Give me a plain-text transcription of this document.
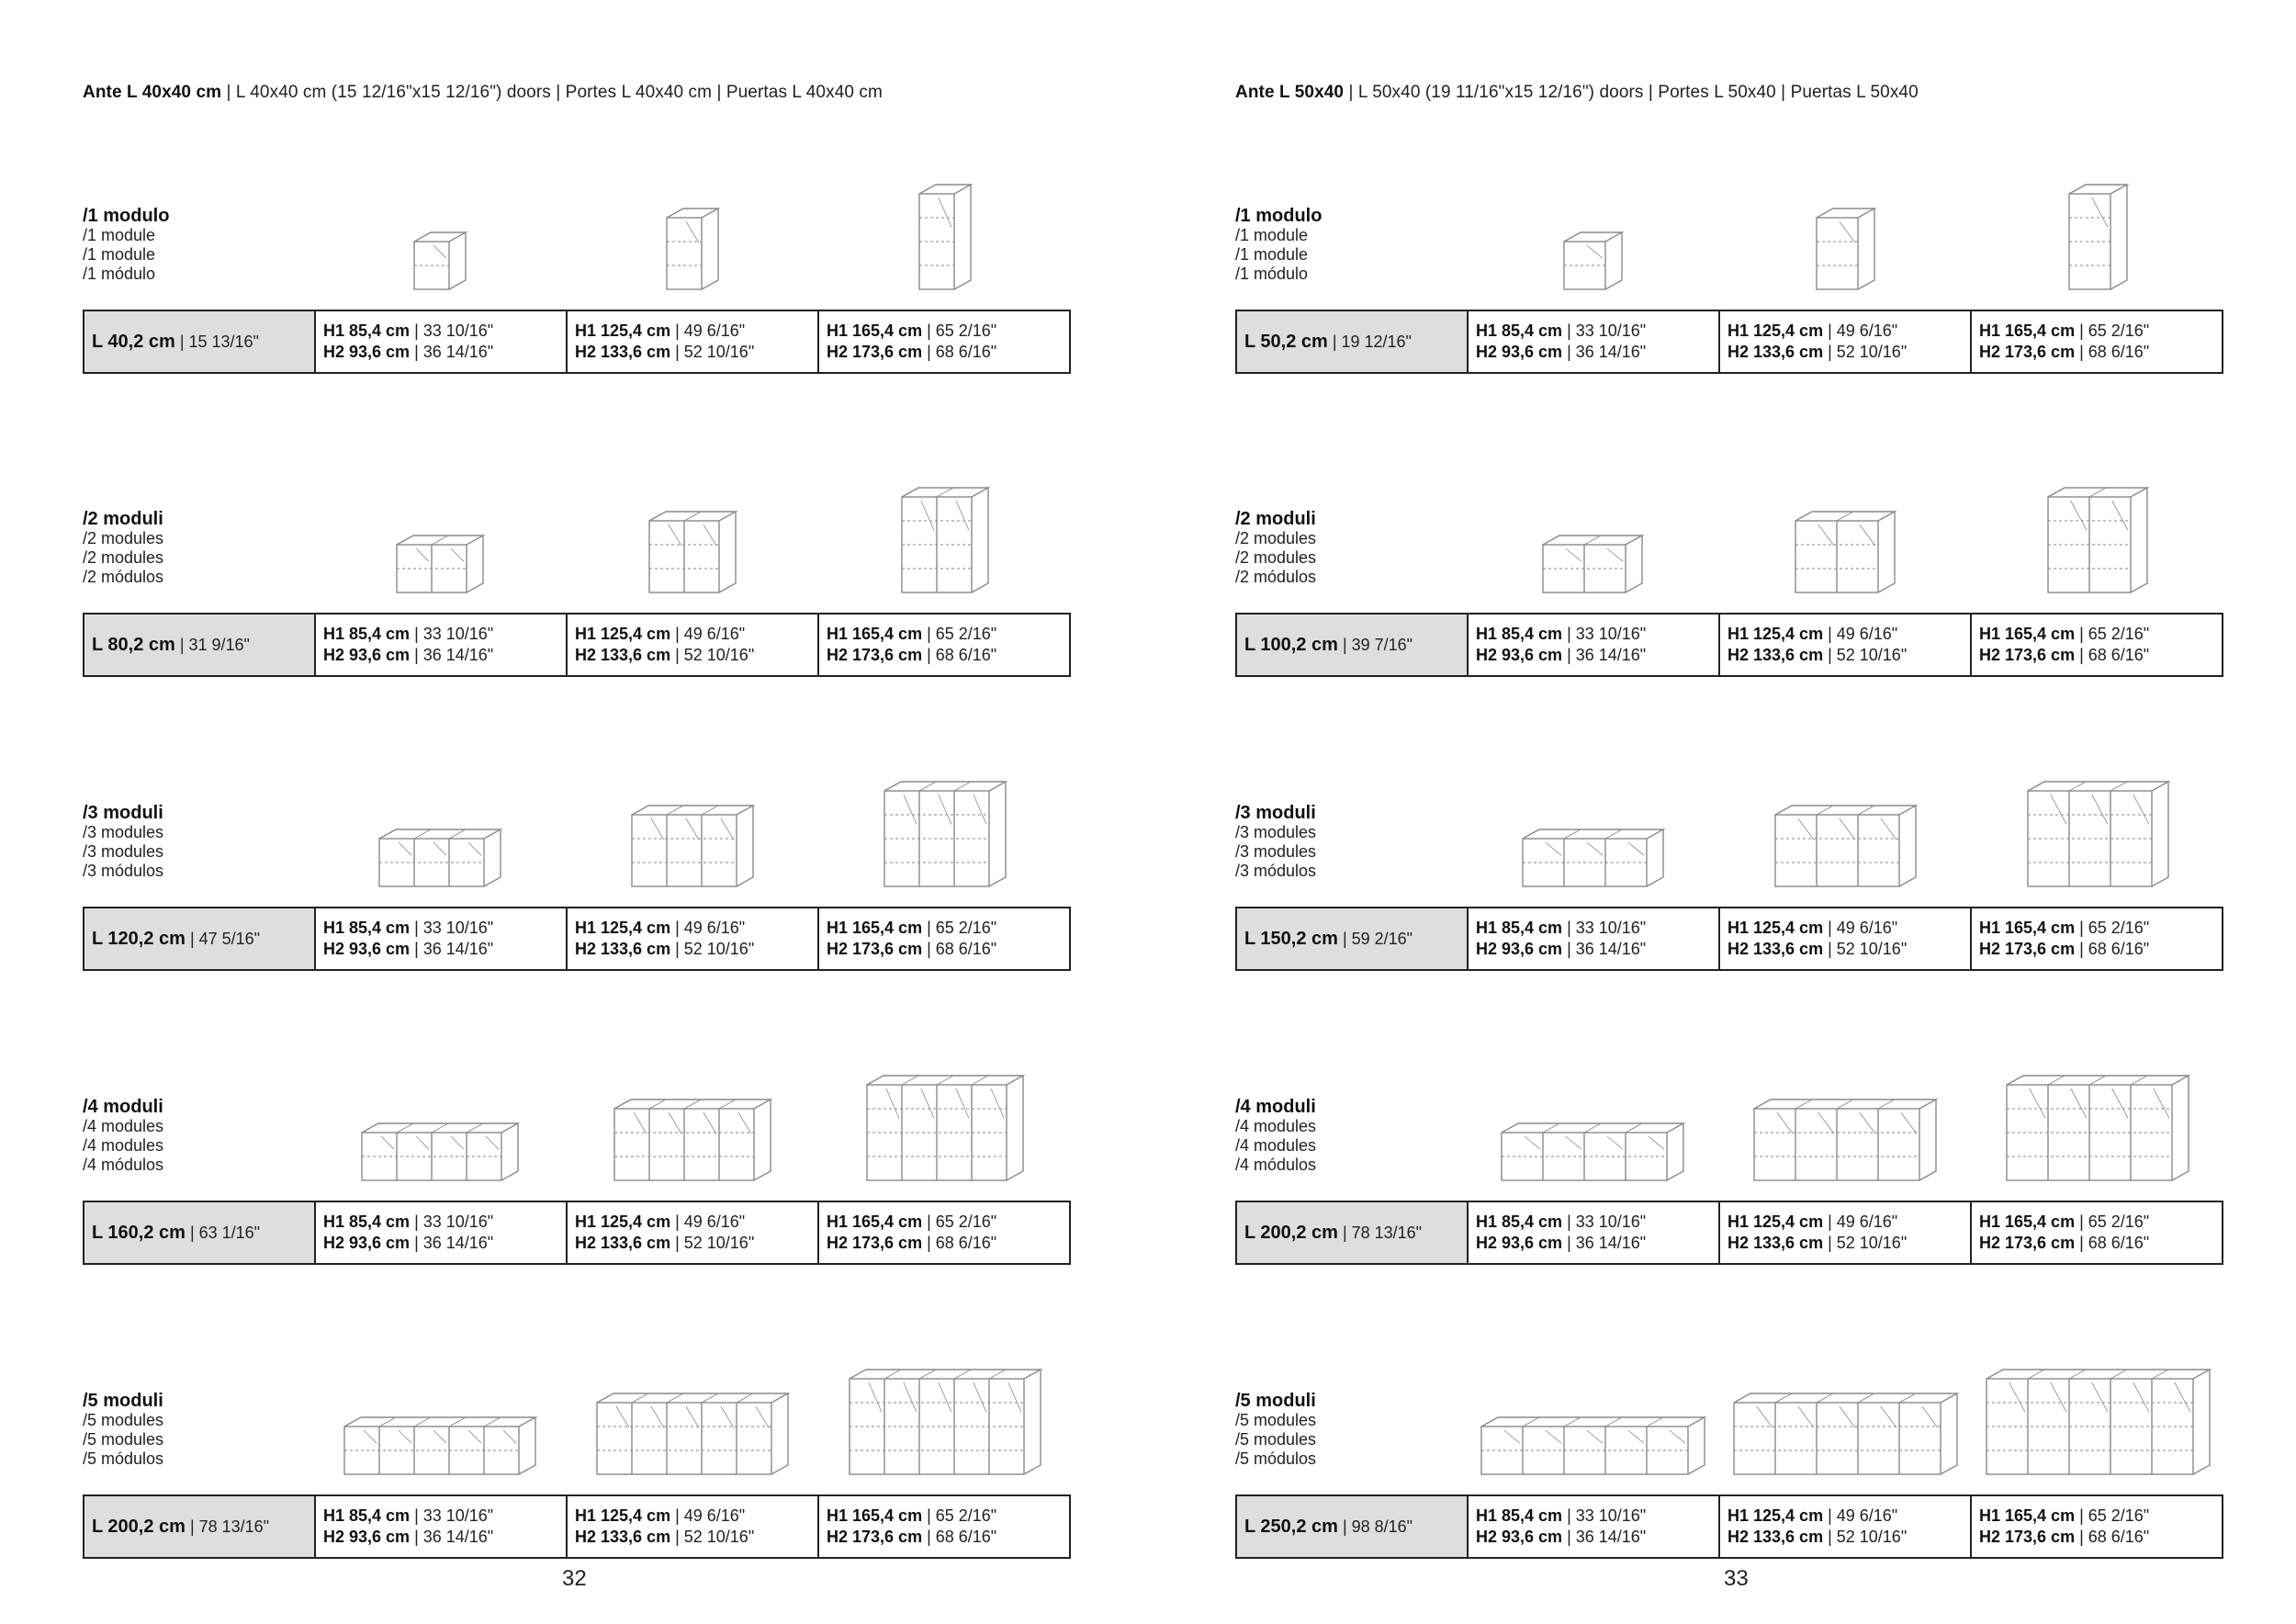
Ante L 40x40 cm | L 40x40 cm (15 12/16"x15 12/16") doors | Portes L 40x40 cm | Puertas L 40x40 cm
/1 modulo
/1 module
/1 module
/1 módulo
L 40,2 cm | 15 13/16"	
H1 85,4 cm | 33 10/16"
H2 93,6 cm | 36 14/16"

H1 125,4 cm | 49 6/16"
H2 133,6 cm | 52 10/16"

H1 165,4 cm | 65 2/16"
H2 173,6 cm | 68 6/16"
/2 moduli
/2 modules
/2 modules
/2 módulos
L 80,2 cm | 31 9/16"	
H1 85,4 cm | 33 10/16"
H2 93,6 cm | 36 14/16"

H1 125,4 cm | 49 6/16"
H2 133,6 cm | 52 10/16"

H1 165,4 cm | 65 2/16"
H2 173,6 cm | 68 6/16"
/3 moduli
/3 modules
/3 modules
/3 módulos
L 120,2 cm | 47 5/16"	
H1 85,4 cm | 33 10/16"
H2 93,6 cm | 36 14/16"

H1 125,4 cm | 49 6/16"
H2 133,6 cm | 52 10/16"

H1 165,4 cm | 65 2/16"
H2 173,6 cm | 68 6/16"
/4 moduli
/4 modules
/4 modules
/4 módulos
L 160,2 cm | 63 1/16"	
H1 85,4 cm | 33 10/16"
H2 93,6 cm | 36 14/16"

H1 125,4 cm | 49 6/16"
H2 133,6 cm | 52 10/16"

H1 165,4 cm | 65 2/16"
H2 173,6 cm | 68 6/16"
/5 moduli
/5 modules
/5 modules
/5 módulos
L 200,2 cm | 78 13/16"	
H1 85,4 cm | 33 10/16"
H2 93,6 cm | 36 14/16"

H1 125,4 cm | 49 6/16"
H2 133,6 cm | 52 10/16"

H1 165,4 cm | 65 2/16"
H2 173,6 cm | 68 6/16"
32
Ante L 50x40 | L 50x40 (19 11/16"x15 12/16") doors | Portes L 50x40 | Puertas L 50x40
/1 modulo
/1 module
/1 module
/1 módulo
L 50,2 cm | 19 12/16"	
H1 85,4 cm | 33 10/16"
H2 93,6 cm | 36 14/16"

H1 125,4 cm | 49 6/16"
H2 133,6 cm | 52 10/16"

H1 165,4 cm | 65 2/16"
H2 173,6 cm | 68 6/16"
/2 moduli
/2 modules
/2 modules
/2 módulos
L 100,2 cm | 39 7/16"	
H1 85,4 cm | 33 10/16"
H2 93,6 cm | 36 14/16"

H1 125,4 cm | 49 6/16"
H2 133,6 cm | 52 10/16"

H1 165,4 cm | 65 2/16"
H2 173,6 cm | 68 6/16"
/3 moduli
/3 modules
/3 modules
/3 módulos
L 150,2 cm | 59 2/16"	
H1 85,4 cm | 33 10/16"
H2 93,6 cm | 36 14/16"

H1 125,4 cm | 49 6/16"
H2 133,6 cm | 52 10/16"

H1 165,4 cm | 65 2/16"
H2 173,6 cm | 68 6/16"
/4 moduli
/4 modules
/4 modules
/4 módulos
L 200,2 cm | 78 13/16"	
H1 85,4 cm | 33 10/16"
H2 93,6 cm | 36 14/16"

H1 125,4 cm | 49 6/16"
H2 133,6 cm | 52 10/16"

H1 165,4 cm | 65 2/16"
H2 173,6 cm | 68 6/16"
/5 moduli
/5 modules
/5 modules
/5 módulos
L 250,2 cm | 98 8/16"	
H1 85,4 cm | 33 10/16"
H2 93,6 cm | 36 14/16"

H1 125,4 cm | 49 6/16"
H2 133,6 cm | 52 10/16"

H1 165,4 cm | 65 2/16"
H2 173,6 cm | 68 6/16"
33
